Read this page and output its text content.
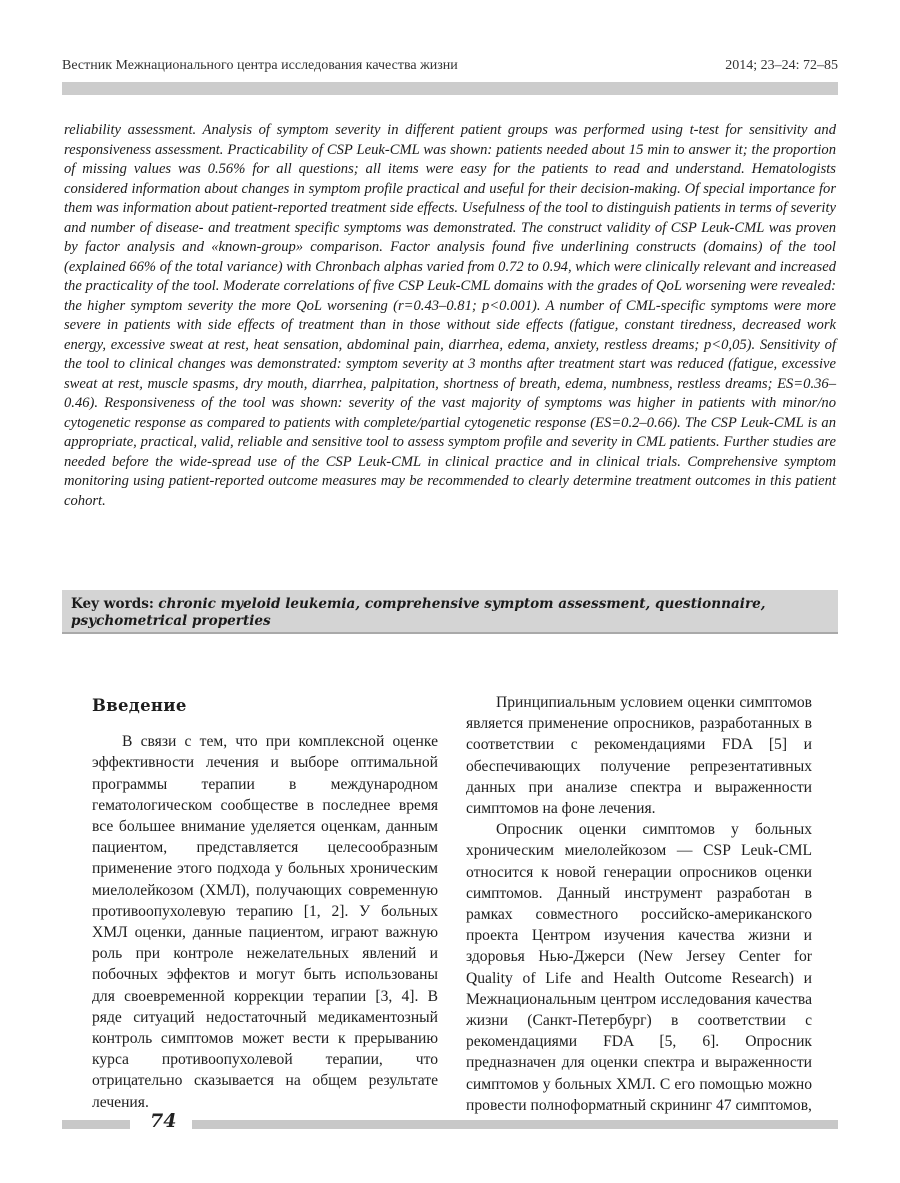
Вестник Межнационального центра исследования качества жизни	2014; 23–24: 72–85

reliability assessment. Analysis of symptom severity in different patient groups was performed using t-test for sensitivity and responsiveness assessment. Practicability of CSP Leuk-CML was shown: patients needed about 15 min to answer it; the proportion of missing values was 0.56% for all questions; all items were easy for the patients to read and understand. Hematologists considered information about changes in symptom profile practical and useful for their decision-making. Of special importance for them was information about patient-reported treatment side effects. Usefulness of the tool to distinguish patients in terms of severity and number of disease- and treatment specific symptoms was demonstrated. The construct validity of CSP Leuk-CML was proven by factor analysis and «known-group» comparison. Factor analysis found five underlining constructs (domains) of the tool (explained 66% of the total variance) with Chronbach alphas varied from 0.72 to 0.94, which were clinically relevant and increased the practicality of the tool. Moderate correlations of five CSP Leuk-CML domains with the grades of QoL worsening were revealed: the higher symptom severity the more QoL worsening (r=0.43–0.81; p<0.001). A number of CML-specific symptoms were more severe in patients with side effects of treatment than in those without side effects (fatigue, constant tiredness, decreased work energy, excessive sweat at rest, heat sensation, abdominal pain, diarrhea, edema, anxiety, restless dreams; p<0,05). Sensitivity of the tool to clinical changes was demonstrated: symptom severity at 3 months after treatment start was reduced (fatigue, excessive sweat at rest, muscle spasms, dry mouth, diarrhea, palpitation, shortness of breath, edema, numbness, restless dreams; ES=0.36–0.46). Responsiveness of the tool was shown: severity of the vast majority of symptoms was higher in patients with minor/no cytogenetic response as compared to patients with complete/partial cytogenetic response (ES=0.2–0.66). The CSP Leuk-CML is an appropriate, practical, valid, reliable and sensitive tool to assess symptom profile and severity in CML patients. Further studies are needed before the wide-spread use of the CSP Leuk-CML in clinical practice and in clinical trials. Comprehensive symptom monitoring using patient-reported outcome measures may be recommended to clearly determine treatment outcomes in this patient cohort.

Key words: chronic myeloid leukemia, comprehensive symptom assessment, questionnaire, psychometrical properties
Введение

В связи с тем, что при комплексной оценке эффективности лечения и выборе оптимальной программы терапии в международном гематологическом сообществе в последнее время все большее внимание уделяется оценкам, данным пациентом, представляется целесообразным применение этого подхода у больных хроническим миелолейкозом (ХМЛ), получающих современную противоопухолевую терапию [1, 2]. У больных ХМЛ оценки, данные пациентом, играют важную роль при контроле нежелательных явлений и побочных эффектов и могут быть использованы для своевременной коррекции терапии [3, 4]. В ряде ситуаций недостаточный медикаментозный контроль симптомов может вести к прерыванию курса противоопухолевой терапии, что отрицательно сказывается на общем результате лечения.

Принципиальным условием оценки симптомов является применение опросников, разработанных в соответствии с рекомендациями FDA [5] и обеспечивающих получение репрезентативных данных при анализе спектра и выраженности симптомов на фоне лечения.

Опросник оценки симптомов у больных хроническим миелолейкозом — CSP Leuk-CML относится к новой генерации опросников оценки симптомов. Данный инструмент разработан в рамках совместного российско-американского проекта Центром изучения качества жизни и здоровья Нью-Джерси (New Jersey Center for Quality of Life and Health Outcome Research) и Межнациональным центром исследования качества жизни (Санкт-Петербург) в соответствии с рекомендациями FDA [5, 6]. Опросник предназначен для оценки спектра и выраженности симптомов у больных ХМЛ. С его помощью можно провести полноформатный скрининг 47 симптомов,

74
